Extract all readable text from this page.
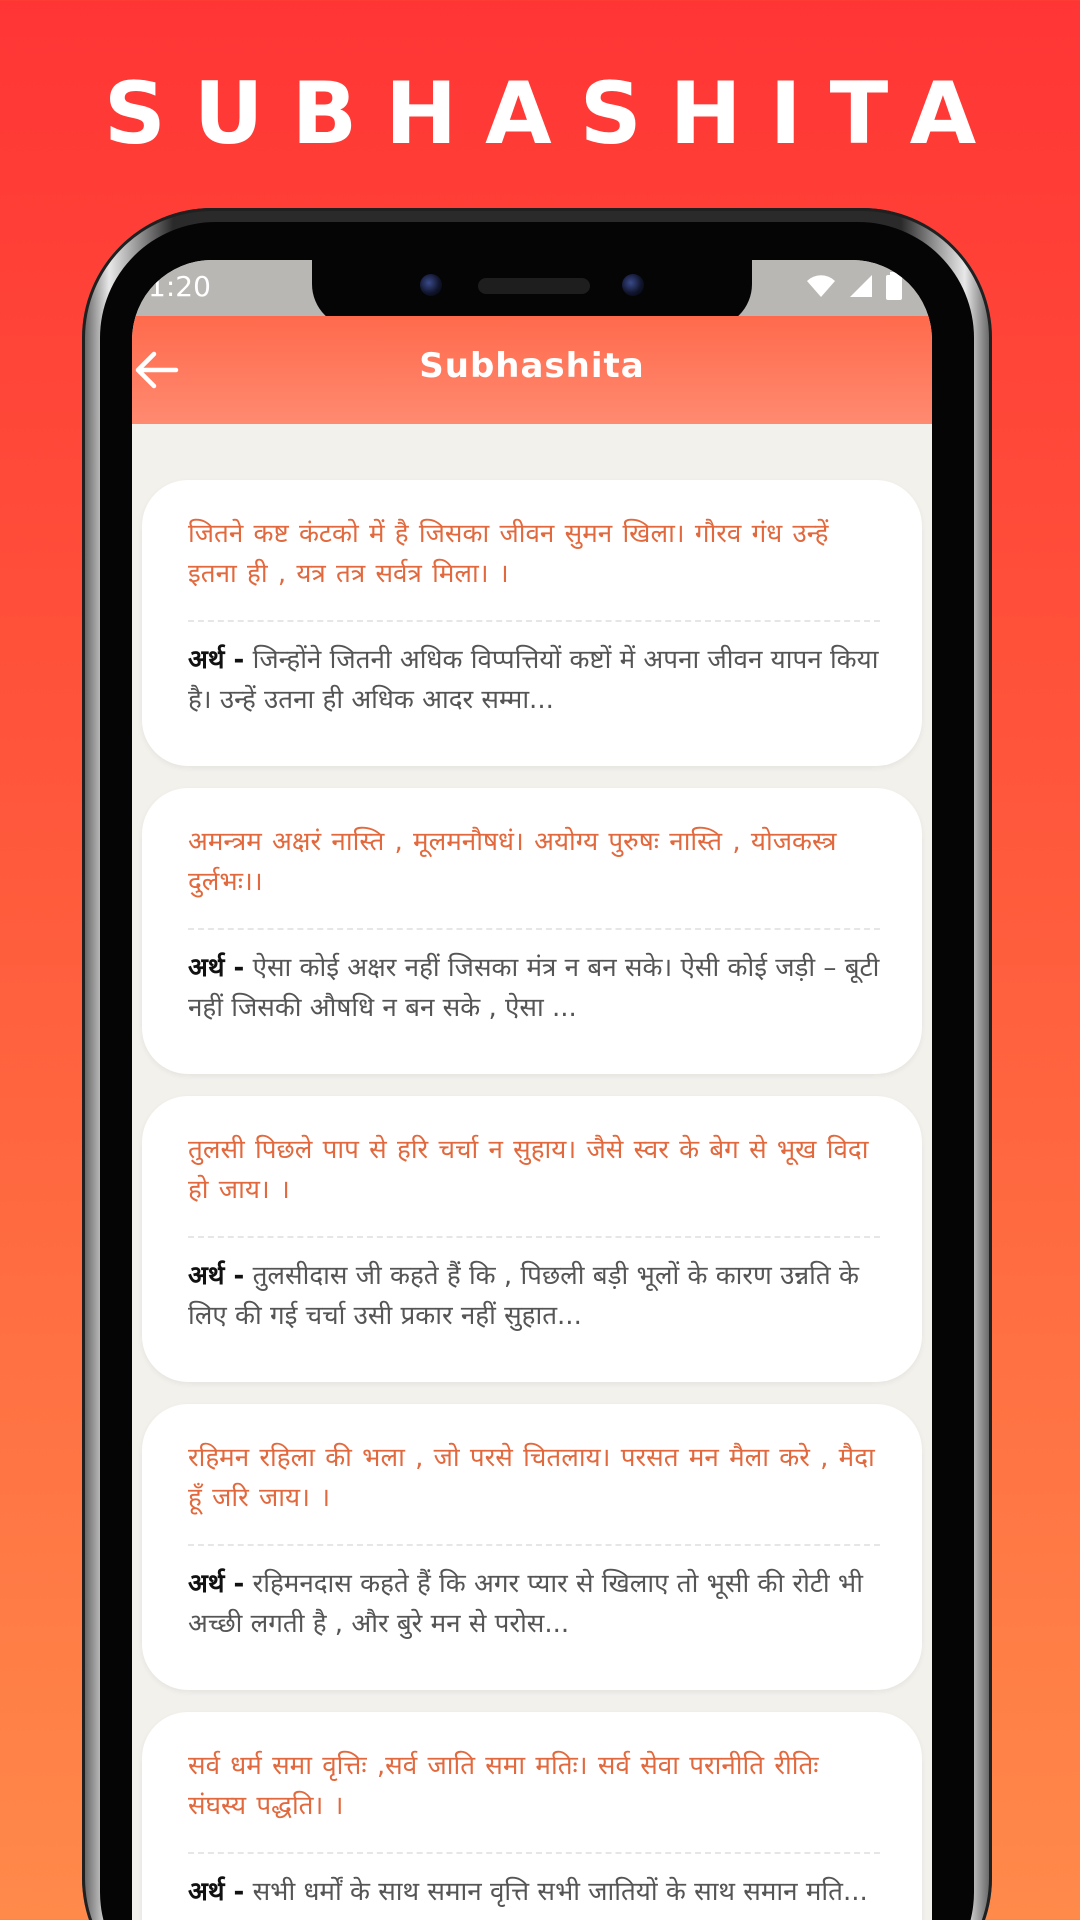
SUBHASHITA
1:20
Subhashita
जितने कष्ट कंटको में है जिसका जीवन सुमन खिला। गौरव गंध उन्हें इतना ही , यत्र तत्र सर्वत्र मिला। ।
अर्थ - जिन्होंने जितनी अधिक विप्पत्तियों कष्टों में अपना जीवन यापन किया है। उन्हें उतना ही अधिक आदर सम्मा...
अमन्त्रम अक्षरं नास्ति , मूलमनौषधं। अयोग्य पुरुषः नास्ति , योजकस्त्र दुर्लभः।।
अर्थ - ऐसा कोई अक्षर नहीं जिसका मंत्र न बन सके। ऐसी कोई जड़ी – बूटी नहीं जिसकी औषधि न बन सके , ऐसा ...
तुलसी पिछले पाप से हरि चर्चा न सुहाय। जैसे स्वर के बेग से भूख विदा हो जाय। ।
अर्थ - तुलसीदास जी कहते हैं कि , पिछली बड़ी भूलों के कारण उन्नति के लिए की गई चर्चा उसी प्रकार नहीं सुहात...
रहिमन रहिला की भला , जो परसे चितलाय। परसत मन मैला करे , मैदा हूँ जरि जाय। ।
अर्थ - रहिमनदास कहते हैं कि अगर प्यार से खिलाए तो भूसी की रोटी भी अच्छी लगती है , और बुरे मन से परोस...
सर्व धर्म समा वृत्तिः ,सर्व जाति समा मतिः। सर्व सेवा परानीति रीतिः संघस्य पद्धति। ।
अर्थ - सभी धर्मों के साथ समान वृत्ति सभी जातियों के साथ समान मति...
